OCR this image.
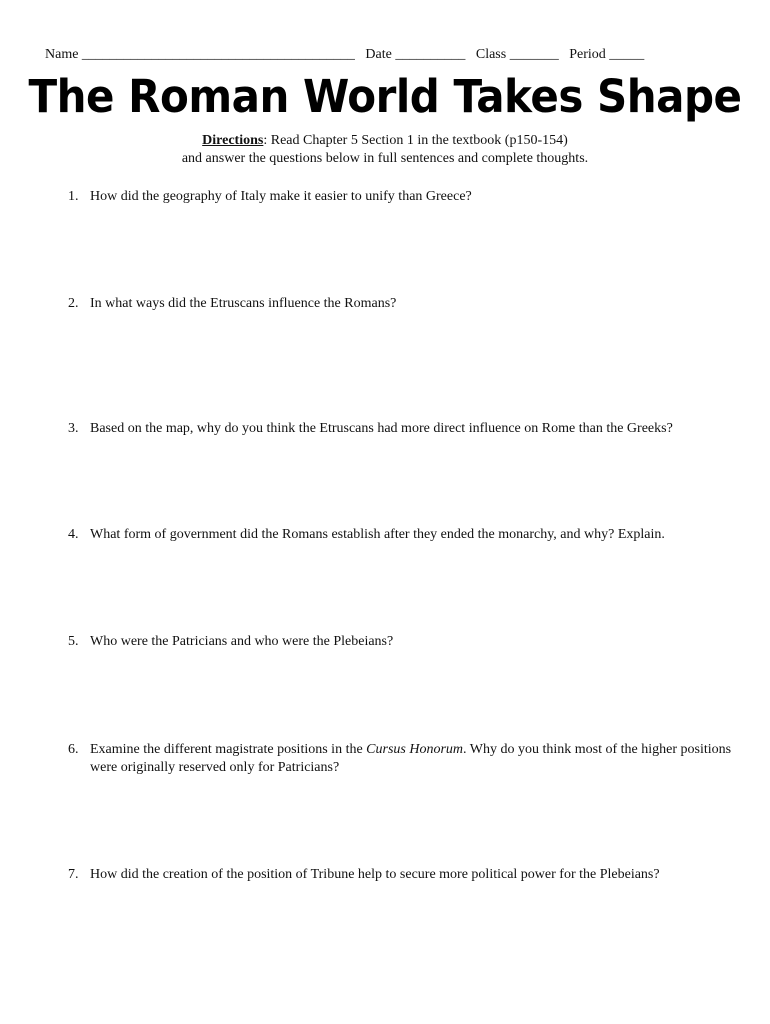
Name _______________________________________   Date __________   Class _______   Period _____
The Roman World Takes Shape
Directions: Read Chapter 5 Section 1 in the textbook (p150-154)
and answer the questions below in full sentences and complete thoughts.
1. How did the geography of Italy make it easier to unify than Greece?
2. In what ways did the Etruscans influence the Romans?
3. Based on the map, why do you think the Etruscans had more direct influence on Rome than the Greeks?
4. What form of government did the Romans establish after they ended the monarchy, and why? Explain.
5. Who were the Patricians and who were the Plebeians?
6. Examine the different magistrate positions in the Cursus Honorum. Why do you think most of the higher positions were originally reserved only for Patricians?
7. How did the creation of the position of Tribune help to secure more political power for the Plebeians?
